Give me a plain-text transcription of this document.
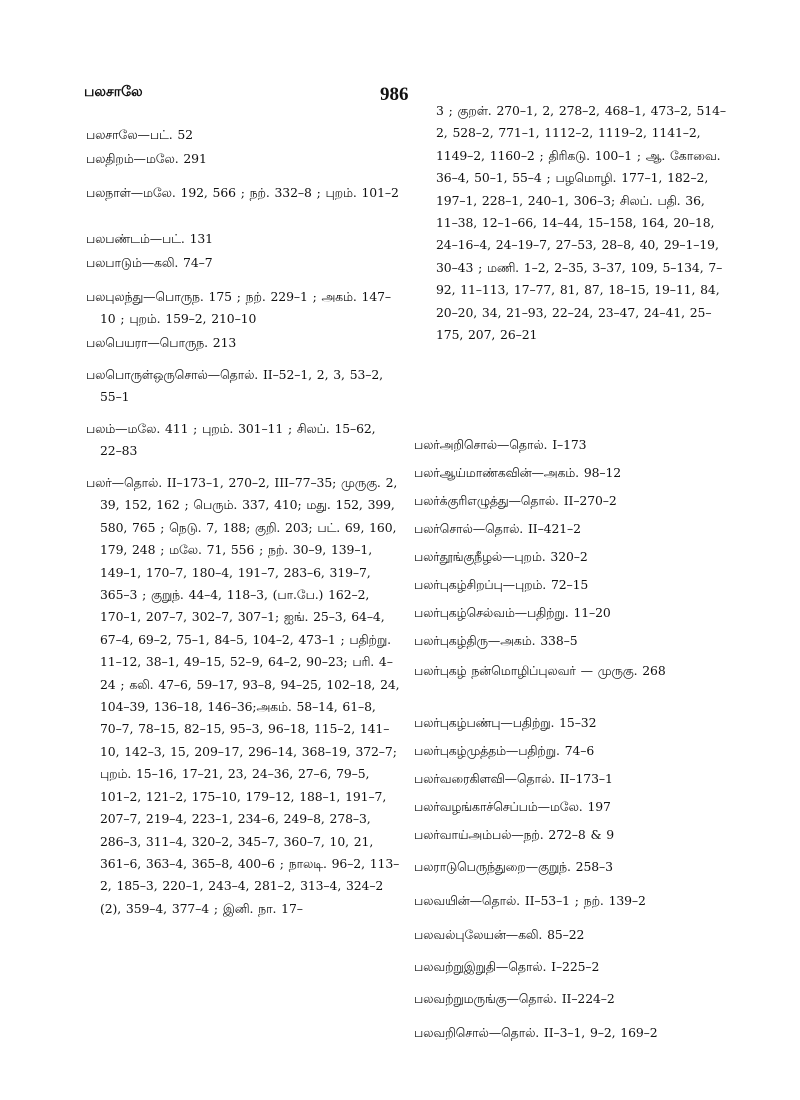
பலசாலே	986
பலசாலே—பட். 52
பலதிறம்—மலே. 291
பலநாள்—மலே. 192, 566 ; நற். 332–8 ; புறம். 101–2
பலபண்டம்—பட். 131
பலபாடும்—கலி. 74–7
பலபுலந்து—பொருந. 175 ; நற். 229–1 ; அகம். 147–10 ; புறம். 159–2, 210–10
பலபெயரா—பொருந. 213
பலபொருள்ஒருசொல்—தொல். II–52–1, 2, 3, 53–2, 55–1
பலம்—மலே. 411 ; புறம். 301–11 ; சிலப். 15–62, 22–83
பலர்—தொல். II–173–1, 270–2, III–77–35; முருகு. 2, 39, 152, 162 ; பெரும். 337, 410; மது. 152, 399, 580, 765 ; நெடு. 7, 188; குறி. 203; பட். 69, 160, 179, 248 ; மலே. 71, 556 ; நற். 30–9, 139–1, 149–1, 170–7, 180–4, 191–7, 283–6, 319–7, 365–3 ; குறுந். 44–4, 118–3, (பா.பே.) 162–2, 170–1, 207–7, 302–7, 307–1; ஐங். 25–3, 64–4, 67–4, 69–2, 75–1, 84–5, 104–2, 473–1 ; பதிற்று. 11–12, 38–1, 49–15, 52–9, 64–2, 90–23; பரி. 4–24 ; கலி. 47–6, 59–17, 93–8, 94–25, 102–18, 24, 104–39, 136–18, 146–36;அகம். 58–14, 61–8, 70–7, 78–15, 82–15, 95–3, 96–18, 115–2, 141–10, 142–3, 15, 209–17, 296–14, 368–19, 372–7; புறம். 15–16, 17–21, 23, 24–36, 27–6, 79–5, 101–2, 121–2, 175–10, 179–12, 188–1, 191–7, 207–7, 219–4, 223–1, 234–6, 249–8, 278–3, 286–3, 311–4, 320–2, 345–7, 360–7, 10, 21, 361–6, 363–4, 365–8, 400–6 ; நாலடி. 96–2, 113–2, 185–3, 220–1, 243–4, 281–2, 313–4, 324–2 (2), 359–4, 377–4 ; இனி. நா. 17–
3 ; குறள். 270–1, 2, 278–2, 468–1, 473–2, 514–2, 528–2, 771–1, 1112–2, 1119–2, 1141–2, 1149–2, 1160–2 ; திரிகடு. 100–1 ; ஆ. கோவை. 36–4, 50–1, 55–4 ; பழமொழி. 177–1, 182–2, 197–1, 228–1, 240–1, 306–3; சிலப். பதி. 36, 11–38, 12–1–66, 14–44, 15–158, 164, 20–18, 24–16–4, 24–19–7, 27–53, 28–8, 40, 29–1–19, 30–43 ; மணி. 1–2, 2–35, 3–37, 109, 5–134, 7–92, 11–113, 17–77, 81, 87, 18–15, 19–11, 84, 20–20, 34, 21–93, 22–24, 23–47, 24–41, 25–175, 207, 26–21
பலர்அறிசொல்—தொல். I–173
பலர்ஆய்மாண்கவின்—அகம். 98–12
பலர்க்குரிஎழுத்து—தொல். II–270–2
பலர்சொல்—தொல். II–421–2
பலர்தூங்குநீழல்—புறம். 320–2
பலர்புகழ்சிறப்பு—புறம். 72–15
பலர்புகழ்செல்வம்—பதிற்று. 11–20
பலர்புகழ்திரு—அகம். 338–5
பலர்புகழ் நன்மொழிப்புலவர் — முருகு. 268
பலர்புகழ்பண்பு—பதிற்று. 15–32
பலர்புகழ்முத்தம்—பதிற்று. 74–6
பலர்வரைகிளவி—தொல். II–173–1
பலர்வழங்காச்செப்பம்—மலே. 197
பலர்வாய்அம்பல்—நற். 272–8 & 9
பலராடுபெருந்துறை—குறுந். 258–3
பலவயின்—தொல். II–53–1 ; நற். 139–2
பலவல்புலேயன்—கலி. 85–22
பலவற்றுஇறுதி—தொல். I–225–2
பலவற்றுமருங்கு—தொல். II–224–2
பலவறிசொல்—தொல். II–3–1, 9–2, 169–2
